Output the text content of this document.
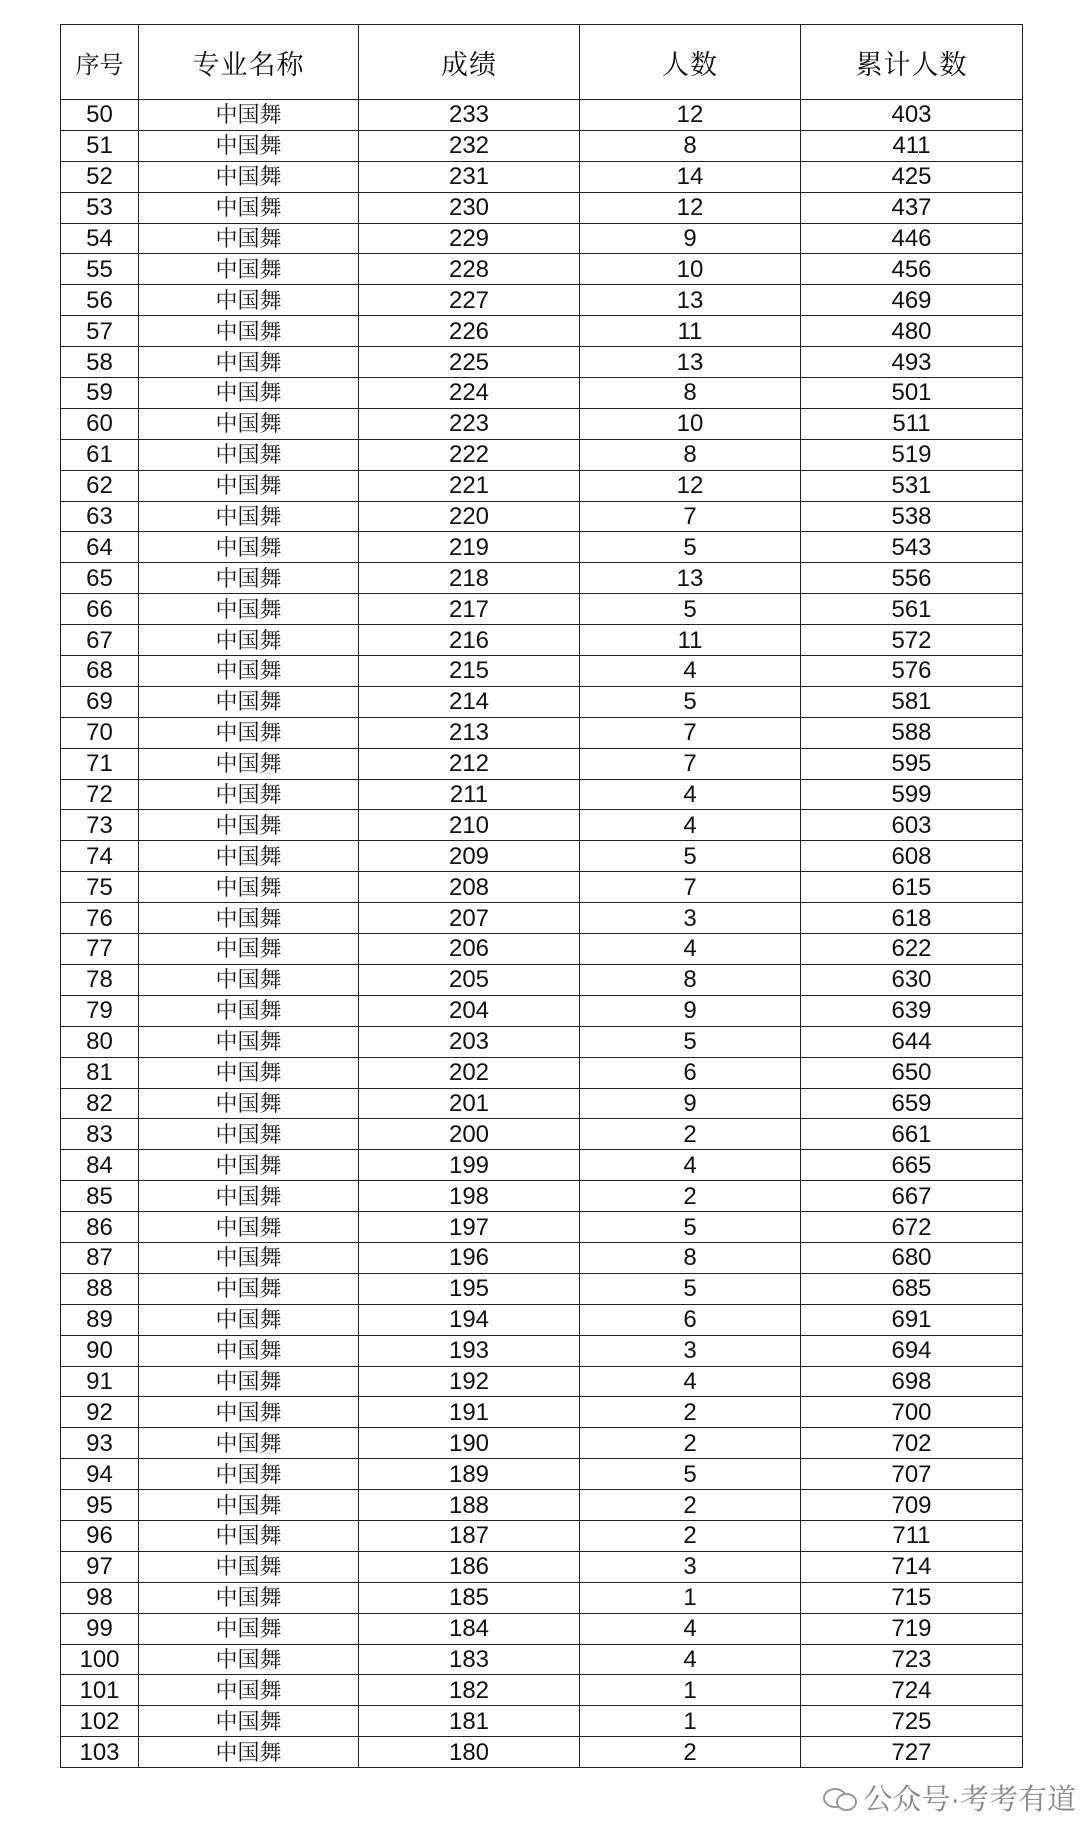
序号	专业名称	成绩	人数	累计人数
50	中国舞	233	12	403
51	中国舞	232	8	411
52	中国舞	231	14	425
53	中国舞	230	12	437
54	中国舞	229	9	446
55	中国舞	228	10	456
56	中国舞	227	13	469
57	中国舞	226	11	480
58	中国舞	225	13	493
59	中国舞	224	8	501
60	中国舞	223	10	511
61	中国舞	222	8	519
62	中国舞	221	12	531
63	中国舞	220	7	538
64	中国舞	219	5	543
65	中国舞	218	13	556
66	中国舞	217	5	561
67	中国舞	216	11	572
68	中国舞	215	4	576
69	中国舞	214	5	581
70	中国舞	213	7	588
71	中国舞	212	7	595
72	中国舞	211	4	599
73	中国舞	210	4	603
74	中国舞	209	5	608
75	中国舞	208	7	615
76	中国舞	207	3	618
77	中国舞	206	4	622
78	中国舞	205	8	630
79	中国舞	204	9	639
80	中国舞	203	5	644
81	中国舞	202	6	650
82	中国舞	201	9	659
83	中国舞	200	2	661
84	中国舞	199	4	665
85	中国舞	198	2	667
86	中国舞	197	5	672
87	中国舞	196	8	680
88	中国舞	195	5	685
89	中国舞	194	6	691
90	中国舞	193	3	694
91	中国舞	192	4	698
92	中国舞	191	2	700
93	中国舞	190	2	702
94	中国舞	189	5	707
95	中国舞	188	2	709
96	中国舞	187	2	711
97	中国舞	186	3	714
98	中国舞	185	1	715
99	中国舞	184	4	719
100	中国舞	183	4	723
101	中国舞	182	1	724
102	中国舞	181	1	725
103	中国舞	180	2	727
公众号·考考有道
